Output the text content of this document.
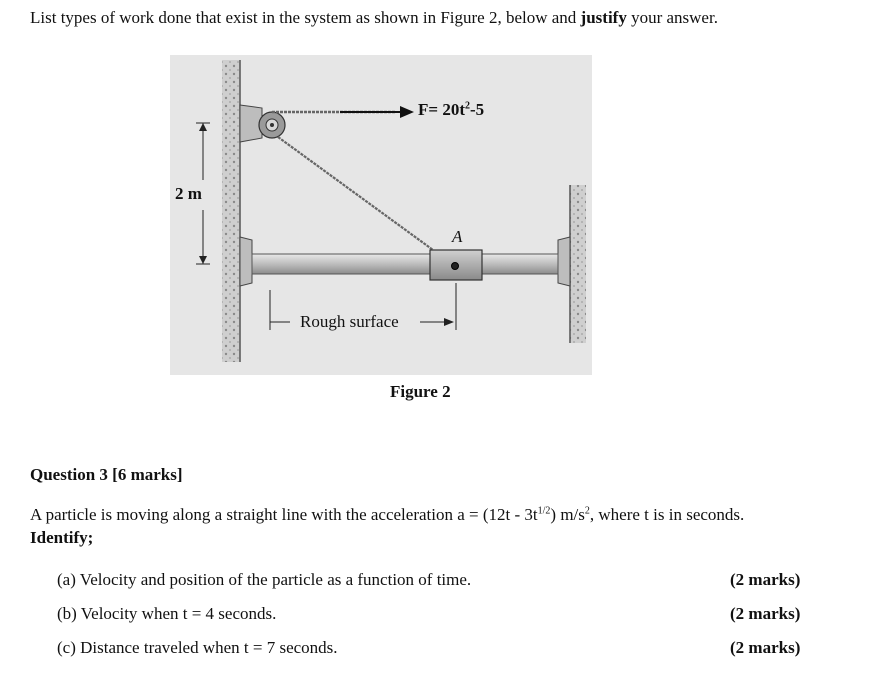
List types of work done that exist in the system as shown in Figure 2, below and justify your answer.
$F= 20t^2-5$
2 m
A
Rough surface
Figure 2
Question 3 [6 marks]
A particle is moving along a straight line with the acceleration $a = (12t - 3t^{1/2})$ $m/s^2$, where t is in seconds.
Identify;
(a) Velocity and position of the particle as a function of time.	(2 marks)
(b) Velocity when t = 4 seconds.	(2 marks)
(c) Distance traveled when t = 7 seconds.	(2 marks)
